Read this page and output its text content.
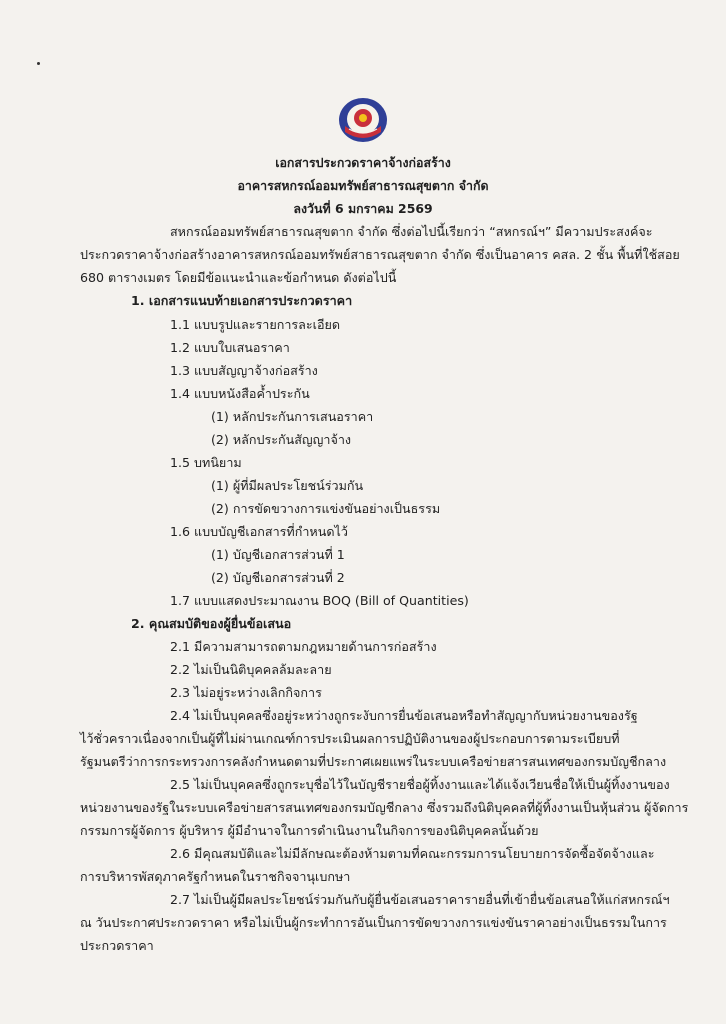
เอกสารประกวดราคาจ้างก่อสร้าง
อาคารสหกรณ์ออมทรัพย์สาธารณสุขตาก จำกัด
ลงวันที่ 6 มกราคม 2569
สหกรณ์ออมทรัพย์สาธารณสุขตาก จำกัด ซึ่งต่อไปนี้เรียกว่า “สหกรณ์ฯ” มีความประสงค์จะ
ประกวดราคาจ้างก่อสร้างอาคารสหกรณ์ออมทรัพย์สาธารณสุขตาก จำกัด ซึ่งเป็นอาคาร คสล. 2 ชั้น พื้นที่ใช้สอย
680 ตารางเมตร โดยมีข้อแนะนำและข้อกำหนด ดังต่อไปนี้
1. เอกสารแนบท้ายเอกสารประกวดราคา
1.1 แบบรูปและรายการละเอียด
1.2 แบบใบเสนอราคา
1.3 แบบสัญญาจ้างก่อสร้าง
1.4 แบบหนังสือค้ำประกัน
(1) หลักประกันการเสนอราคา
(2) หลักประกันสัญญาจ้าง
1.5 บทนิยาม
(1) ผู้ที่มีผลประโยชน์ร่วมกัน
(2) การขัดขวางการแข่งขันอย่างเป็นธรรม
1.6 แบบบัญชีเอกสารที่กำหนดไว้
(1) บัญชีเอกสารส่วนที่ 1
(2) บัญชีเอกสารส่วนที่ 2
1.7 แบบแสดงประมาณงาน BOQ (Bill of Quantities)
2. คุณสมบัติของผู้ยื่นข้อเสนอ
2.1 มีความสามารถตามกฎหมายด้านการก่อสร้าง
2.2 ไม่เป็นนิติบุคคลล้มละลาย
2.3 ไม่อยู่ระหว่างเลิกกิจการ
2.4 ไม่เป็นบุคคลซึ่งอยู่ระหว่างถูกระงับการยื่นข้อเสนอหรือทำสัญญากับหน่วยงานของรัฐ
ไว้ชั่วคราวเนื่องจากเป็นผู้ที่ไม่ผ่านเกณฑ์การประเมินผลการปฏิบัติงานของผู้ประกอบการตามระเบียบที่
รัฐมนตรีว่าการกระทรวงการคลังกำหนดตามที่ประกาศเผยแพร่ในระบบเครือข่ายสารสนเทศของกรมบัญชีกลาง
2.5 ไม่เป็นบุคคลซึ่งถูกระบุชื่อไว้ในบัญชีรายชื่อผู้ทิ้งงานและได้แจ้งเวียนชื่อให้เป็นผู้ทิ้งงานของ
หน่วยงานของรัฐในระบบเครือข่ายสารสนเทศของกรมบัญชีกลาง ซึ่งรวมถึงนิติบุคคลที่ผู้ทิ้งงานเป็นหุ้นส่วน ผู้จัดการ
กรรมการผู้จัดการ ผู้บริหาร ผู้มีอำนาจในการดำเนินงานในกิจการของนิติบุคคลนั้นด้วย
2.6 มีคุณสมบัติและไม่มีลักษณะต้องห้ามตามที่คณะกรรมการนโยบายการจัดซื้อจัดจ้างและ
การบริหารพัสดุภาครัฐกำหนดในราชกิจจานุเบกษา
2.7 ไม่เป็นผู้มีผลประโยชน์ร่วมกันกับผู้ยื่นข้อเสนอราคารายอื่นที่เข้ายื่นข้อเสนอให้แก่สหกรณ์ฯ
ณ วันประกาศประกวดราคา หรือไม่เป็นผู้กระทำการอันเป็นการขัดขวางการแข่งขันราคาอย่างเป็นธรรมในการ
ประกวดราคา
